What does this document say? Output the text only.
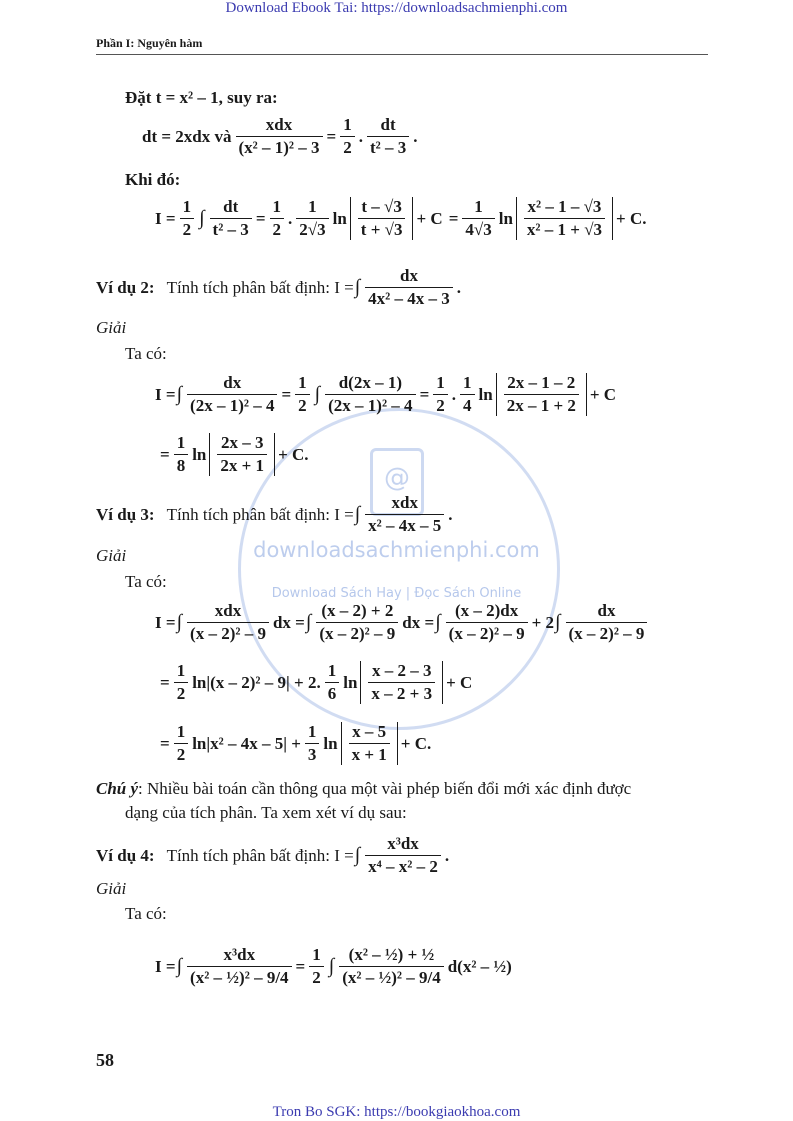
Download Ebook Tai: https://downloadsachmienphi.com
Phần I: Nguyên hàm
@
downloadsachmienphi.com
Download Sách Hay | Đọc Sách Online
Đặt t = x² – 1, suy ra:
dt = 2xdx và $\frac{\text{xdx}}{\text{(x² – 1)² – 3}} = \frac{1}{2}$ . $\frac{dt}{\text{t² – 3}}$ .
Khi đó:
$I = \frac{1}{2}$ ∫ $\frac{dt}{\text{t² – 3}} = \frac{1}{2}$ . $\frac{1}{2√3}$ $\ln \frac{t - √3}{t + √3} + C = \frac{1}{4√3}$ $\ln \frac{\text{x² – 1 – √3}}{\text{x² – 1 + √3}} + C$.
Ví dụ 2: Tính tích phân bất định: I = ∫ $\frac{dx}{\text{4x² – 4x – 3}}$ .
Giải
Ta có:
I = ∫ $\frac{dx}{\text{(2x – 1)² – 4}} = \frac{1}{2}$ ∫ $\frac{d(2x - 1)}{\text{(2x – 1)² – 4}} = \frac{1}{2}$ . $\frac{1}{4}$ $\ln \frac{2x - 1 - 2}{2x - 1 + 2} + C$
= $\frac{1}{8}$ $\ln \frac{2x - 3}{2x + 1} + C$.
Ví dụ 3: Tính tích phân bất định: I = ∫ $\frac{\text{xdx}}{\text{x² – 4x – 5}}$ .
Giải
Ta có:
I = ∫ $\frac{\text{xdx}}{\text{(x – 2)² – 9}}$ dx = ∫ $\frac{(x - 2) + 2}{\text{(x – 2)² – 9}}$ dx = ∫ $\frac{(x - 2)dx}{\text{(x – 2)² – 9}} + 2$ ∫ $\frac{dx}{\text{(x – 2)² – 9}}$
= $\frac{1}{2} \ln|(x - 2)^2 - 9| + 2$. $\frac{1}{6}$ $\ln \frac{x - 2 - 3}{x - 2 + 3} + C$
= $\frac{1}{2} \ln|x^2 - 4x - 5| + \frac{1}{3}$ $\ln \frac{x - 5}{x + 1} + C$.
Chú ý: Nhiều bài toán cần thông qua một vài phép biến đổi mới xác định được
dạng của tích phân. Ta xem xét ví dụ sau:
Ví dụ 4: Tính tích phân bất định: I = ∫ $\frac{\text{x³dx}}{\text{x⁴ – x² – 2}}$ .
Giải
Ta có:
I = ∫ $\frac{\text{x³dx}}{\text{(x² – ½)² – 9/4}} = \frac{1}{2}$ ∫ $\frac{\text{(x² – ½) + ½}}{\text{(x² – ½)² – 9/4}} d(x^2$ – ½)
58
Tron Bo SGK: https://bookgiaokhoa.com
